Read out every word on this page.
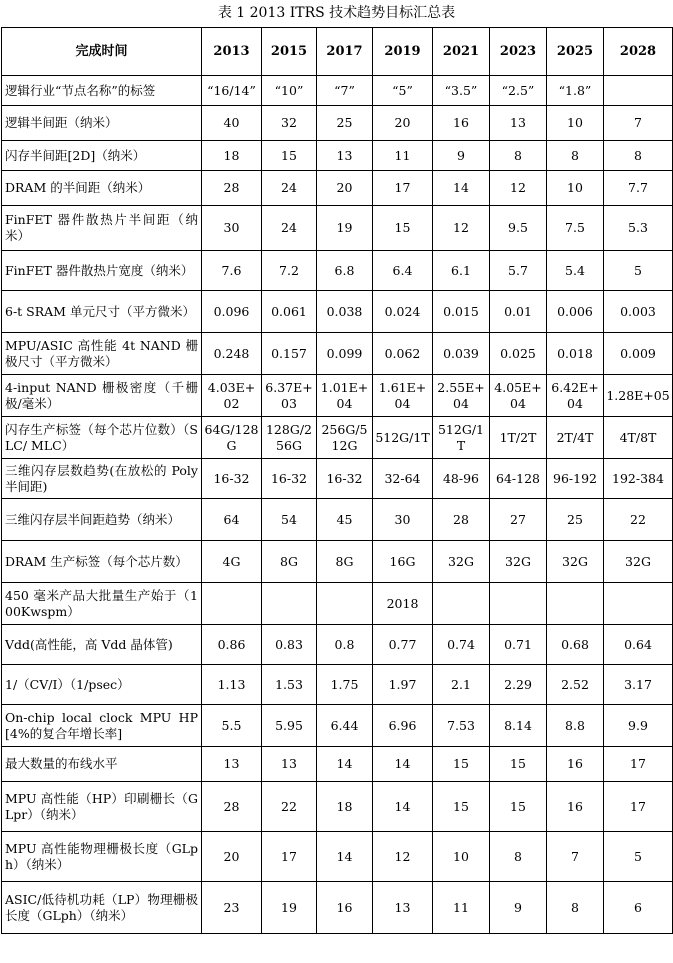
表 1 2013 ITRS 技术趋势目标汇总表
完成时间	2013	2015	2017	2019	2021	2023	2025	2028
逻辑行业“节点名称”的标签	“16/14”	“10”	“7”	“5”	“3.5”	“2.5”	“1.8”	
逻辑半间距（纳米）	40	32	25	20	16	13	10	7
闪存半间距[2D]（纳米）	18	15	13	11	9	8	8	8
DRAM 的半间距（纳米）	28	24	20	17	14	12	10	7.7
FinFET 器件散热片半间距（纳米）	30	24	19	15	12	9.5	7.5	5.3
FinFET 器件散热片宽度（纳米）	7.6	7.2	6.8	6.4	6.1	5.7	5.4	5
6-t SRAM 单元尺寸（平方微米）	0.096	0.061	0.038	0.024	0.015	0.01	0.006	0.003
MPU/ASIC 高性能 4t NAND 栅极尺寸（平方微米）	0.248	0.157	0.099	0.062	0.039	0.025	0.018	0.009
4-input NAND 栅极密度（千栅极/毫米）	4.03E+02	6.37E+03	1.01E+04	1.61E+04	2.55E+04	4.05E+04	6.42E+04	1.28E+05
闪存生产标签（每个芯片位数）（SLC/ MLC）	64G/128G	128G/256G	256G/512G	512G/1T	512G/1T	1T/2T	2T/4T	4T/8T
三维闪存层数趋势(在放松的 Poly 半间距)	16-32	16-32	16-32	32-64	48-96	64-128	96-192	192-384
三维闪存层半间距趋势（纳米）	64	54	45	30	28	27	25	22
DRAM 生产标签（每个芯片数）	4G	8G	8G	16G	32G	32G	32G	32G
450 毫米产品大批量生产始于（100Kwspm）				2018				
Vdd(高性能，高 Vdd 晶体管)	0.86	0.83	0.8	0.77	0.74	0.71	0.68	0.64
1/（CV/I）（1/psec）	1.13	1.53	1.75	1.97	2.1	2.29	2.52	3.17
On-chip local clock MPU HP[4%的复合年增长率]	5.5	5.95	6.44	6.96	7.53	8.14	8.8	9.9
最大数量的布线水平	13	13	14	14	15	15	16	17
MPU 高性能（HP）印刷栅长（GLpr）（纳米）	28	22	18	14	15	15	16	17
MPU 高性能物理栅极长度（GLph）（纳米）	20	17	14	12	10	8	7	5
ASIC/低待机功耗（LP）物理栅极长度（GLph）（纳米）	23	19	16	13	11	9	8	6
